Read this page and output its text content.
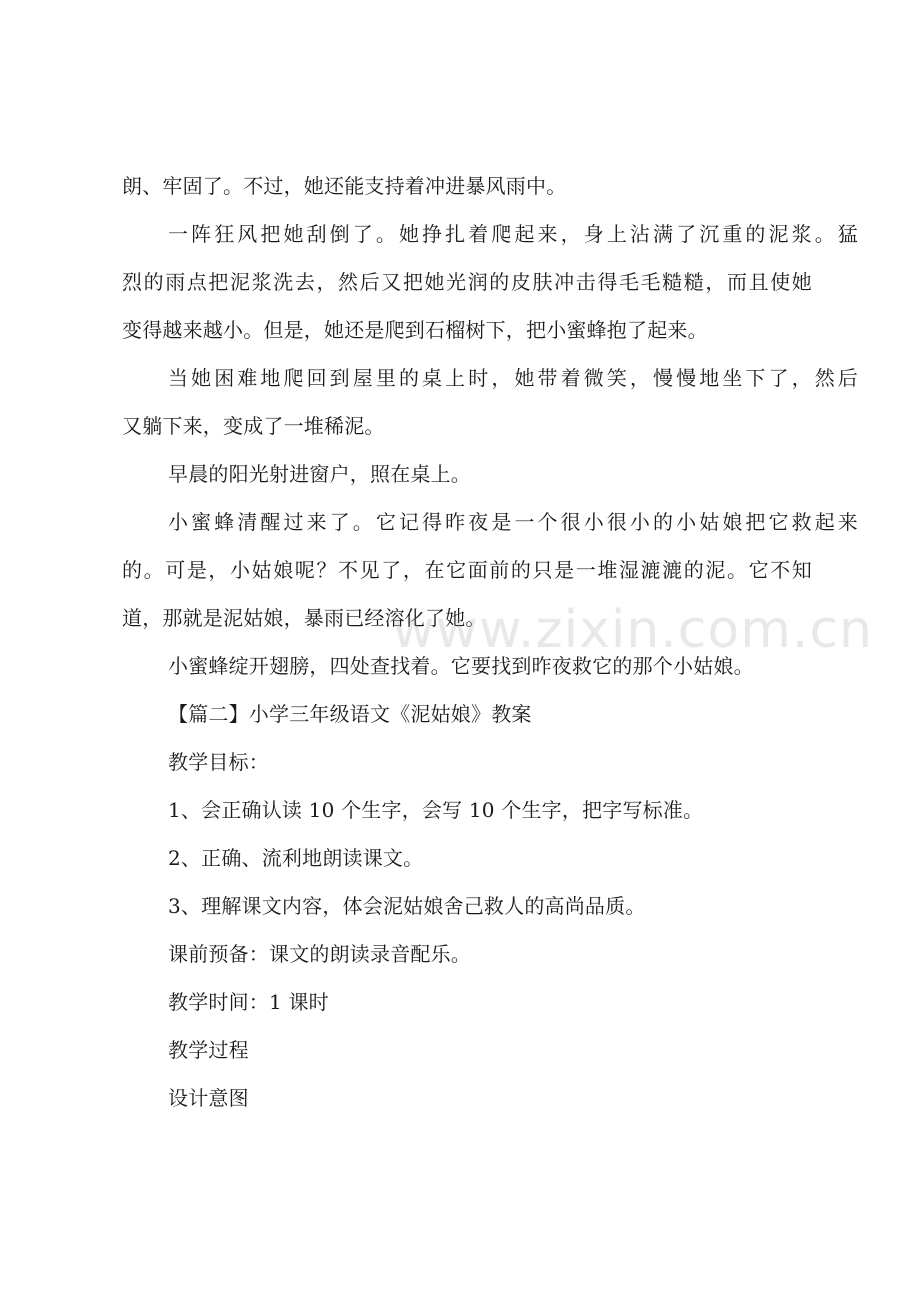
朗、牢固了。不过，她还能支持着冲进暴风雨中。
一阵狂风把她刮倒了。她挣扎着爬起来，身上沾满了沉重的泥浆。猛
烈的雨点把泥浆洗去，然后又把她光润的皮肤冲击得毛毛糙糙，而且使她
变得越来越小。但是，她还是爬到石榴树下，把小蜜蜂抱了起来。
当她困难地爬回到屋里的桌上时，她带着微笑，慢慢地坐下了，然后
又躺下来，变成了一堆稀泥。
早晨的阳光射进窗户，照在桌上。
小蜜蜂清醒过来了。它记得昨夜是一个很小很小的小姑娘把它救起来
的。可是，小姑娘呢？不见了，在它面前的只是一堆湿漉漉的泥。它不知
道，那就是泥姑娘，暴雨已经溶化了她。
小蜜蜂绽开翅膀，四处查找着。它要找到昨夜救它的那个小姑娘。
【篇二】小学三年级语文《泥姑娘》教案
教学目标：
1、会正确认读 10 个生字，会写 10 个生字，把字写标准。
2、正确、流利地朗读课文。
3、理解课文内容，体会泥姑娘舍己救人的高尚品质。
课前预备：课文的朗读录音配乐。
教学时间：1 课时
教学过程
设计意图
www.zixin.com.cn
